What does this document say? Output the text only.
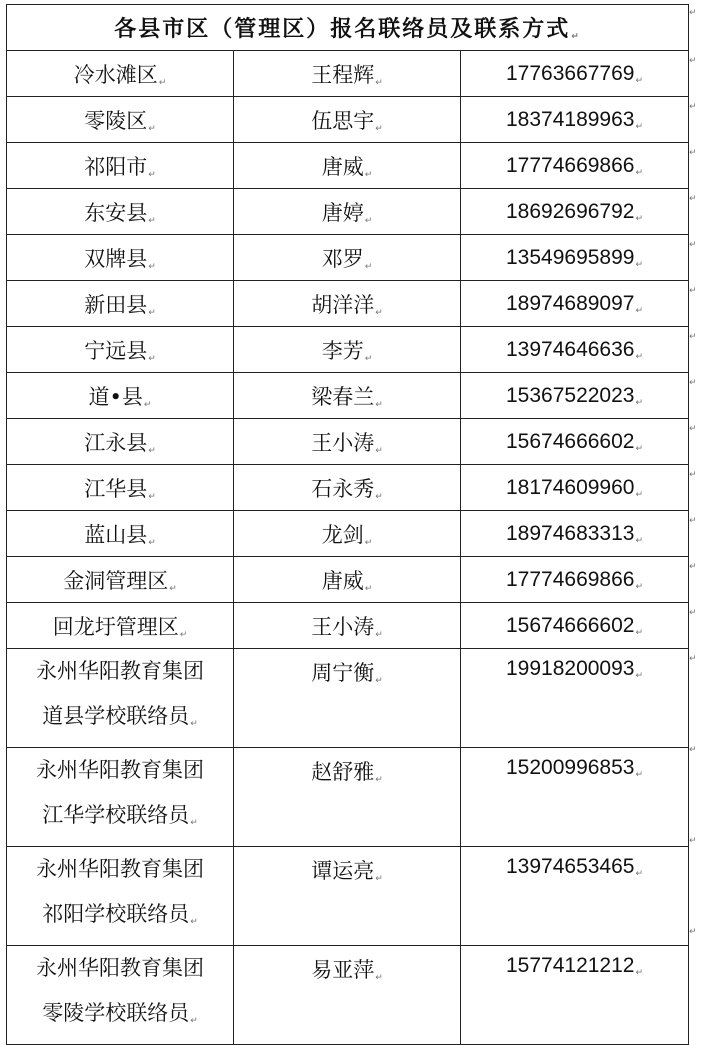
各县市区（管理区）报名联络员及联系方式↵		
冷水滩区↵	王程辉↵	17763667769↵
零陵区↵	伍思宇↵	18374189963↵
祁阳市↵	唐威↵	17774669866↵
东安县↵	唐婷↵	18692696792↵
双牌县↵	邓罗↵	13549695899↵
新田县↵	胡洋洋↵	18974689097↵
宁远县↵	李芳↵	13974646636↵
道•县↵	梁春兰↵	15367522023↵
江永县↵	王小涛↵	15674666602↵
江华县↵	石永秀↵	18174609960↵
蓝山县↵	龙剑↵	18974683313↵
金洞管理区↵	唐威↵	17774669866↵
回龙圩管理区↵	王小涛↵	15674666602↵

永州华阳教育集团
道县学校联络员↵	周宁衡↵	19918200093↵

永州华阳教育集团
江华学校联络员↵	赵舒雅↵	15200996853↵

永州华阳教育集团
祁阳学校联络员↵	谭运亮↵	13974653465↵

永州华阳教育集团
零陵学校联络员↵	易亚萍↵	15774121212↵
↵
↵
↵
↵
↵
↵
↵
↵
↵
↵
↵
↵
↵
↵
↵
↵
↵
↵
